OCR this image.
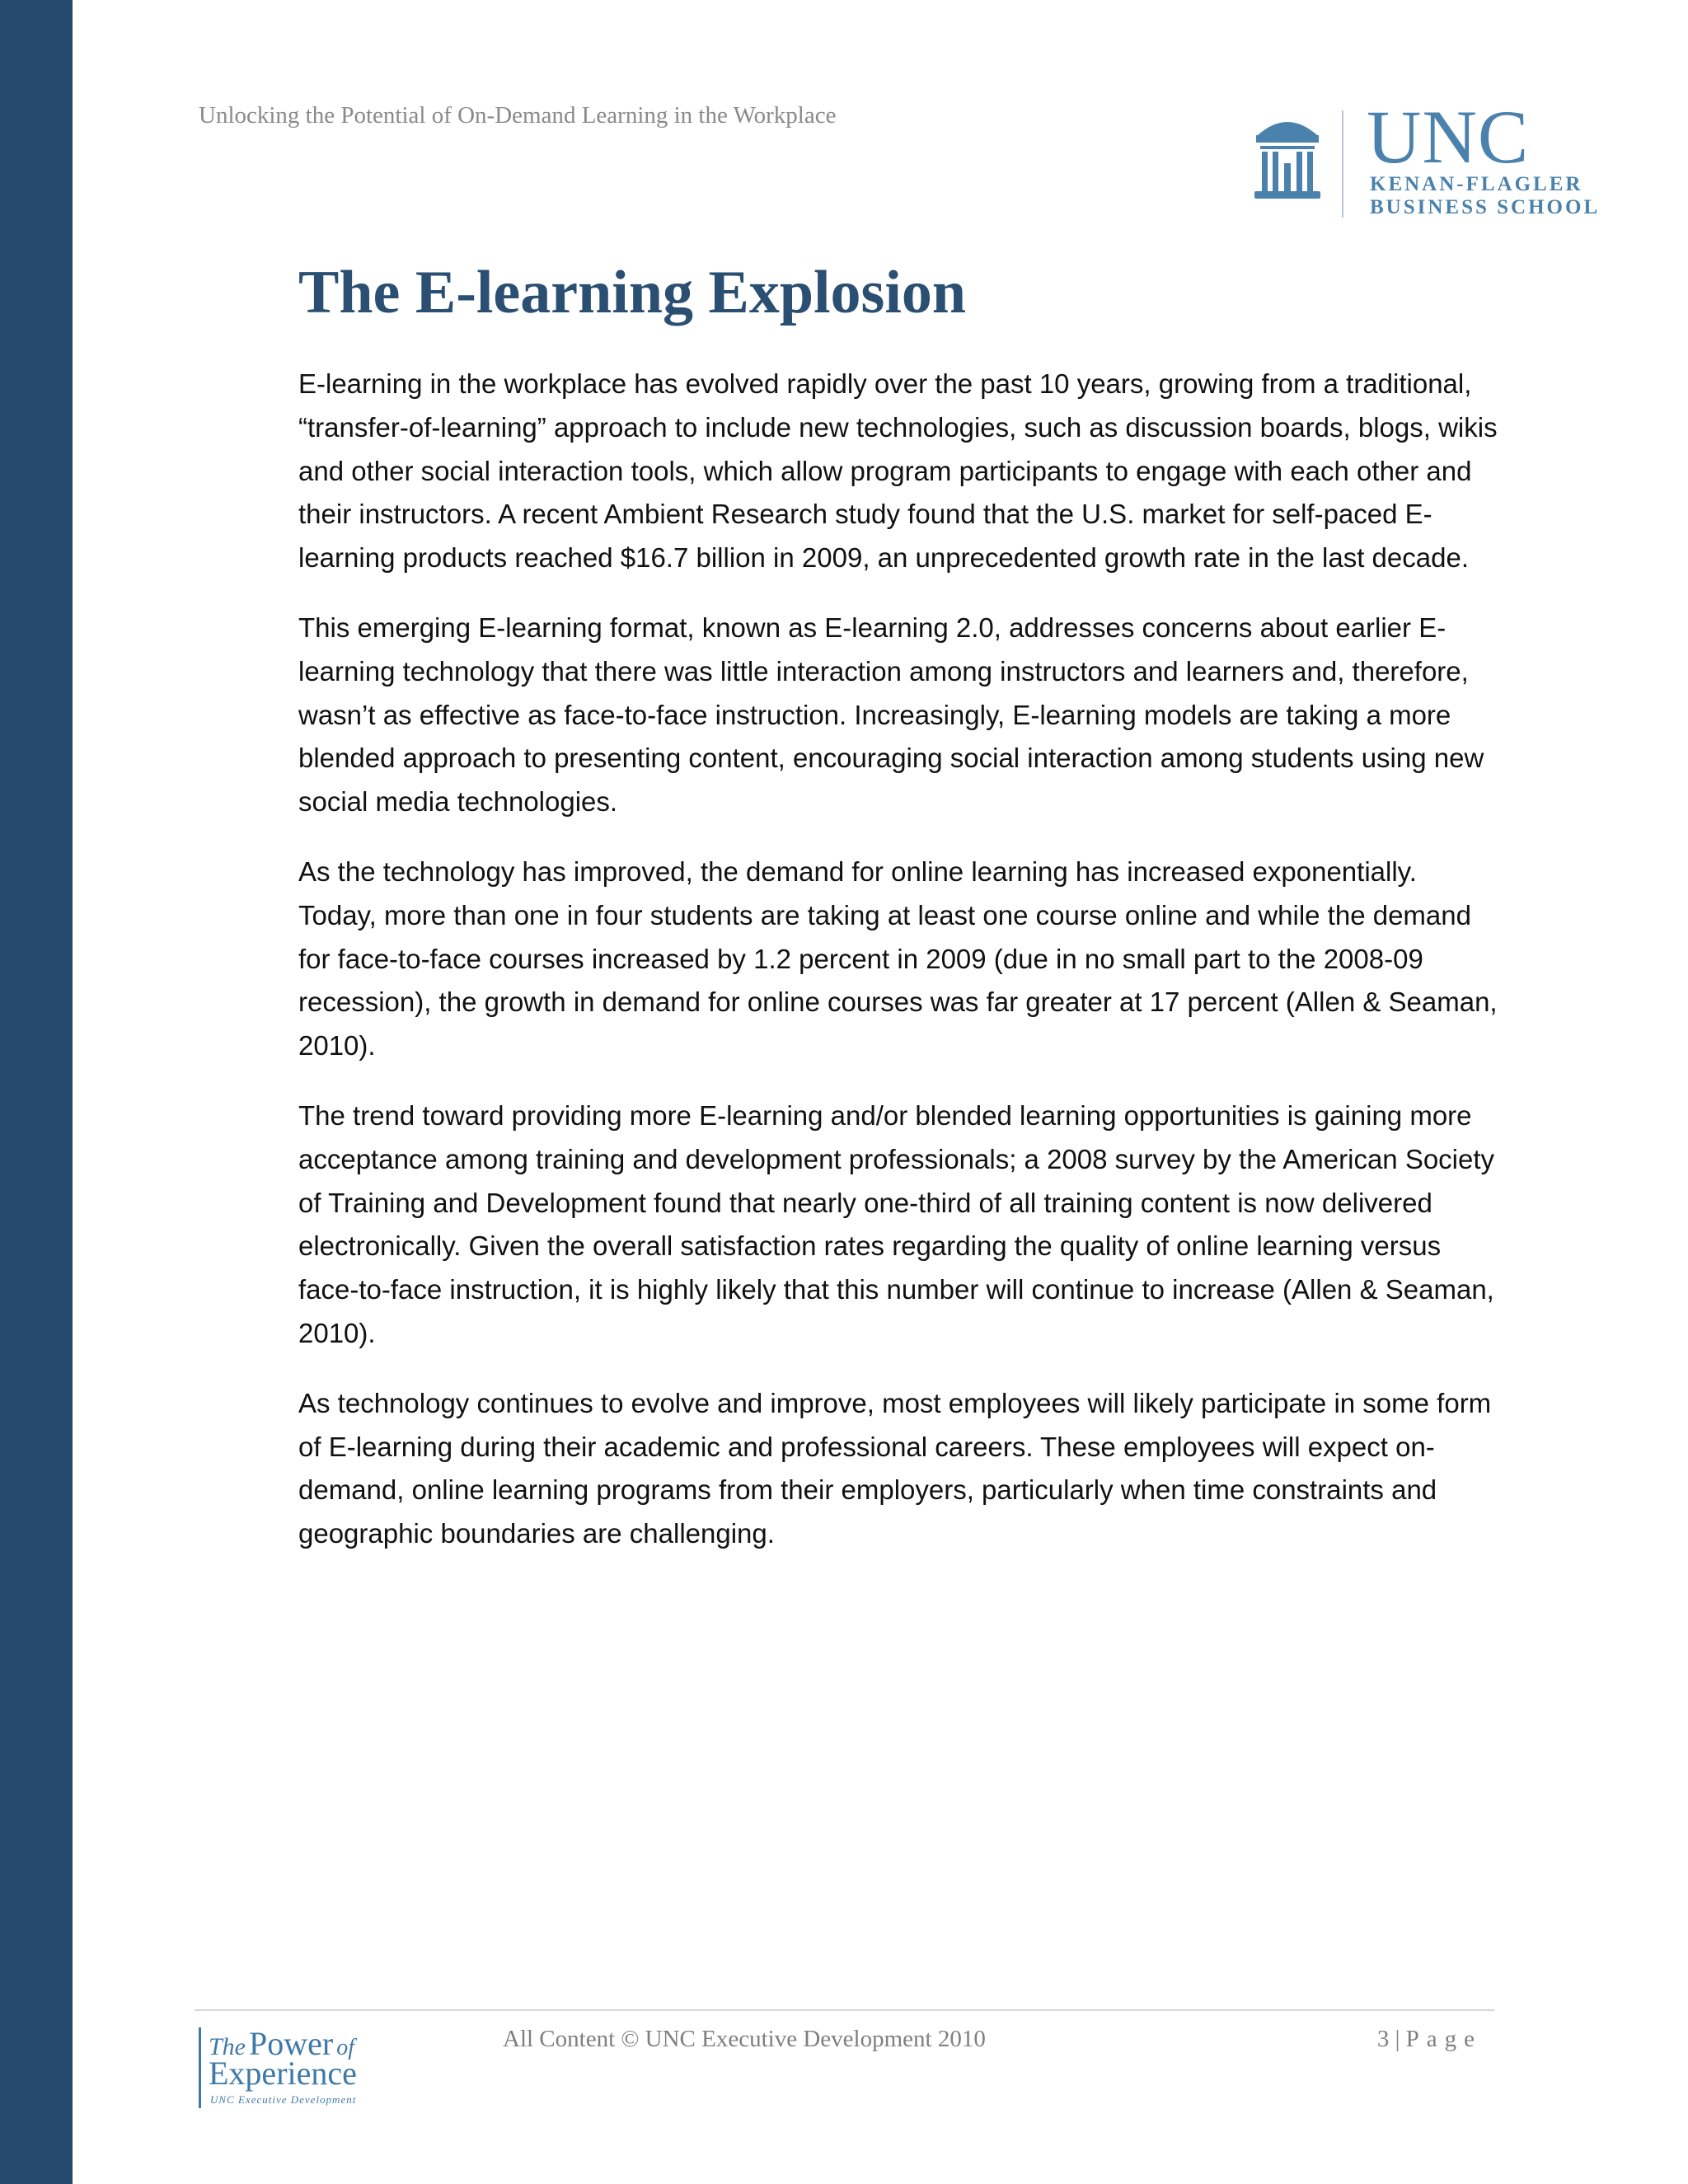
Unlocking the Potential of On-Demand Learning in the Workplace	UNC
KENAN-FLAGLER
BUSINESS SCHOOL
The E-learning Explosion

E-learning in the workplace has evolved rapidly over the past 10 years, growing from a traditional, “transfer-of-learning” approach to include new technologies, such as discussion boards, blogs, wikis and other social interaction tools, which allow program participants to engage with each other and their instructors. A recent Ambient Research study found that the U.S. market for self-paced E-learning products reached $16.7 billion in 2009, an unprecedented growth rate in the last decade.

This emerging E-learning format, known as E-learning 2.0, addresses concerns about earlier E-learning technology that there was little interaction among instructors and learners and, therefore, wasn’t as effective as face-to-face instruction. Increasingly, E-learning models are taking a more blended approach to presenting content, encouraging social interaction among students using new social media technologies.

As the technology has improved, the demand for online learning has increased exponentially. Today, more than one in four students are taking at least one course online and while the demand for face-to-face courses increased by 1.2 percent in 2009 (due in no small part to the 2008-09 recession), the growth in demand for online courses was far greater at 17 percent (Allen & Seaman, 2010).

The trend toward providing more E-learning and/or blended learning opportunities is gaining more acceptance among training and development professionals; a 2008 survey by the American Society of Training and Development found that nearly one-third of all training content is now delivered electronically. Given the overall satisfaction rates regarding the quality of online learning versus face-to-face instruction, it is highly likely that this number will continue to increase (Allen & Seaman, 2010).

As technology continues to evolve and improve, most employees will likely participate in some form of E-learning during their academic and professional careers. These employees will expect on-demand, online learning programs from their employers, particularly when time constraints and geographic boundaries are challenging.

The Power of
Experience
UNC Executive Development
All Content © UNC Executive Development 2010	3 | Page
